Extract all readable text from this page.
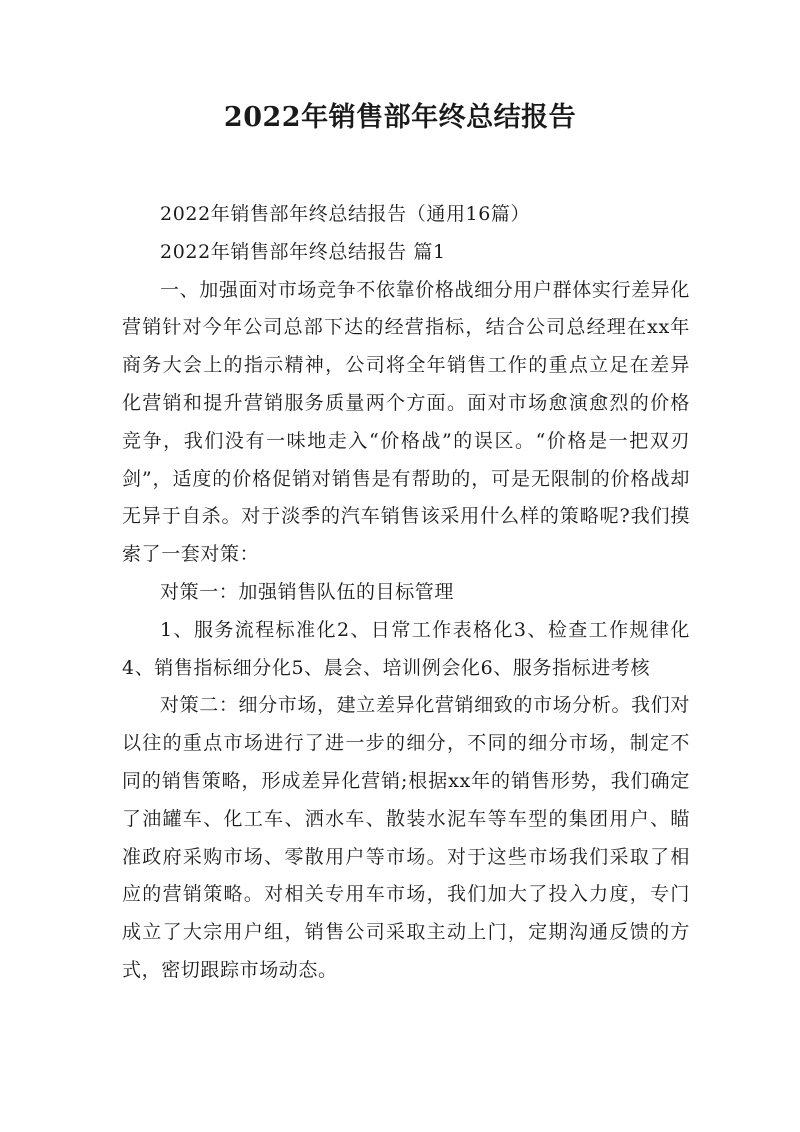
2022年销售部年终总结报告

2022年销售部年终总结报告（通用16篇）

2022年销售部年终总结报告 篇1

一、加强面对市场竞争不依靠价格战细分用户群体实行差异化营销针对今年公司总部下达的经营指标，结合公司总经理在xx年商务大会上的指示精神，公司将全年销售工作的重点立足在差异化营销和提升营销服务质量两个方面。面对市场愈演愈烈的价格竞争，我们没有一味地走入“价格战”的误区。“价格是一把双刃剑”，适度的价格促销对销售是有帮助的，可是无限制的价格战却无异于自杀。对于淡季的汽车销售该采用什么样的策略呢?我们摸索了一套对策：

对策一：加强销售队伍的目标管理

1、服务流程标准化2、日常工作表格化3、检查工作规律化4、销售指标细分化5、晨会、培训例会化6、服务指标进考核

对策二：细分市场，建立差异化营销细致的市场分析。我们对以往的重点市场进行了进一步的细分，不同的细分市场，制定不同的销售策略，形成差异化营销;根据xx年的销售形势，我们确定了油罐车、化工车、洒水车、散装水泥车等车型的集团用户、瞄准政府采购市场、零散用户等市场。对于这些市场我们采取了相应的营销策略。对相关专用车市场，我们加大了投入力度，专门成立了大宗用户组，销售公司采取主动上门，定期沟通反馈的方式，密切跟踪市场动态。
